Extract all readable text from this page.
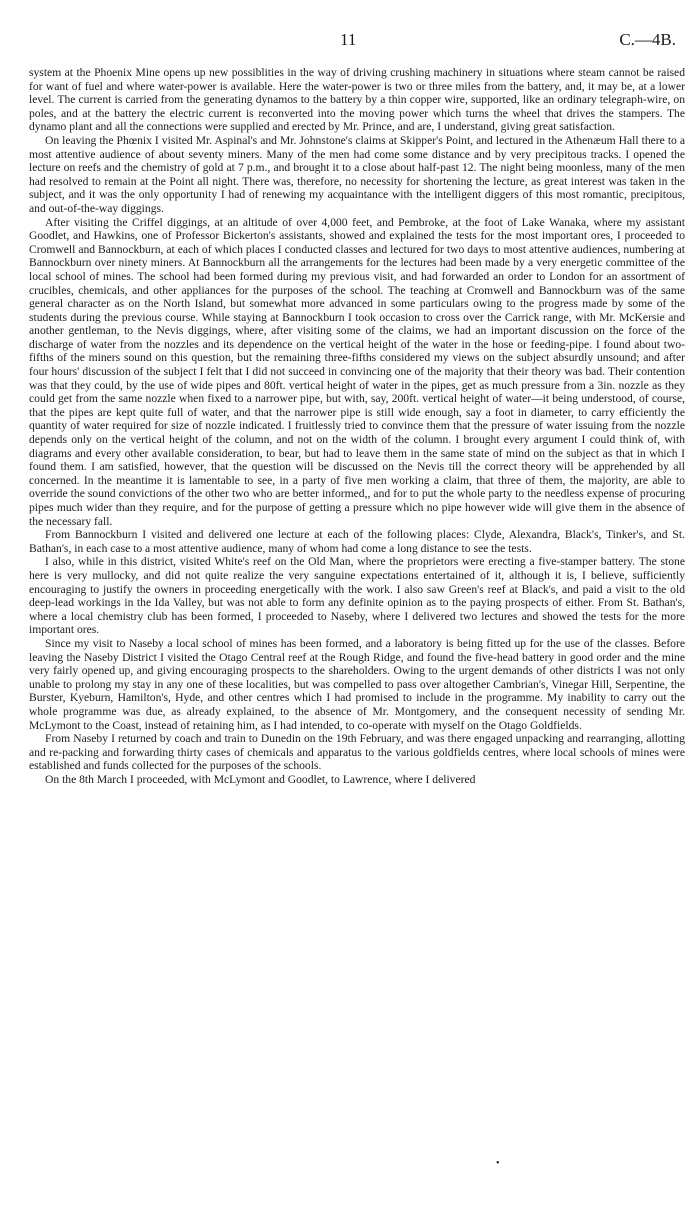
11	C.—4B.

system at the Phoenix Mine opens up new possiblities in the way of driving crushing machinery in situations where steam cannot be raised for want of fuel and where water-power is available. Here the water-power is two or three miles from the battery, and, it may be, at a lower level. The current is carried from the generating dynamos to the battery by a thin copper wire, supported, like an ordinary telegraph-wire, on poles, and at the battery the electric current is reconverted into the moving power which turns the wheel that drives the stampers. The dynamo plant and all the connections were supplied and erected by Mr. Prince, and are, I understand, giving great satisfaction.

On leaving the Phœnix I visited Mr. Aspinal's and Mr. Johnstone's claims at Skipper's Point, and lectured in the Athenæum Hall there to a most attentive audience of about seventy miners. Many of the men had come some distance and by very precipitous tracks. I opened the lecture on reefs and the chemistry of gold at 7 p.m., and brought it to a close about half-past 12. The night being moonless, many of the men had resolved to remain at the Point all night. There was, therefore, no necessity for shortening the lecture, as great interest was taken in the subject, and it was the only opportunity I had of renewing my acquaintance with the intelligent diggers of this most romantic, precipitous, and out-of-the-way diggings.

After visiting the Criffel diggings, at an altitude of over 4,000 feet, and Pembroke, at the foot of Lake Wanaka, where my assistant Goodlet, and Hawkins, one of Professor Bickerton's assistants, showed and explained the tests for the most important ores, I proceeded to Cromwell and Bannockburn, at each of which places I conducted classes and lectured for two days to most attentive audiences, numbering at Bannockburn over ninety miners. At Bannockburn all the arrangements for the lectures had been made by a very energetic committee of the local school of mines. The school had been formed during my previous visit, and had forwarded an order to London for an assortment of crucibles, chemicals, and other appliances for the purposes of the school. The teaching at Cromwell and Bannockburn was of the same general character as on the North Island, but somewhat more advanced in some particulars owing to the progress made by some of the students during the previous course. While staying at Bannockburn I took occasion to cross over the Carrick range, with Mr. McKersie and another gentleman, to the Nevis diggings, where, after visiting some of the claims, we had an important discussion on the force of the discharge of water from the nozzles and its dependence on the vertical height of the water in the hose or feeding-pipe. I found about two-fifths of the miners sound on this question, but the remaining three-fifths considered my views on the subject absurdly unsound; and after four hours' discussion of the subject I felt that I did not succeed in convincing one of the majority that their theory was bad. Their contention was that they could, by the use of wide pipes and 80ft. vertical height of water in the pipes, get as much pressure from a 3in. nozzle as they could get from the same nozzle when fixed to a narrower pipe, but with, say, 200ft. vertical height of water—it being understood, of course, that the pipes are kept quite full of water, and that the narrower pipe is still wide enough, say a foot in diameter, to carry efficiently the quantity of water required for size of nozzle indicated. I fruitlessly tried to convince them that the pressure of water issuing from the nozzle depends only on the vertical height of the column, and not on the width of the column. I brought every argument I could think of, with diagrams and every other available consideration, to bear, but had to leave them in the same state of mind on the subject as that in which I found them. I am satisfied, however, that the question will be discussed on the Nevis till the correct theory will be apprehended by all concerned. In the meantime it is lamentable to see, in a party of five men working a claim, that three of them, the majority, are able to override the sound convictions of the other two who are better informed,, and for to put the whole party to the needless expense of procuring pipes much wider than they require, and for the purpose of getting a pressure which no pipe however wide will give them in the absence of the necessary fall.

From Bannockburn I visited and delivered one lecture at each of the following places: Clyde, Alexandra, Black's, Tinker's, and St. Bathan's, in each case to a most attentive audience, many of whom had come a long distance to see the tests.

I also, while in this district, visited White's reef on the Old Man, where the proprietors were erecting a five-stamper battery. The stone here is very mullocky, and did not quite realize the very sanguine expectations entertained of it, although it is, I believe, sufficiently encouraging to justify the owners in proceeding energetically with the work. I also saw Green's reef at Black's, and paid a visit to the old deep-lead workings in the Ida Valley, but was not able to form any definite opinion as to the paying prospects of either. From St. Bathan's, where a local chemistry club has been formed, I proceeded to Naseby, where I delivered two lectures and showed the tests for the more important ores.

Since my visit to Naseby a local school of mines has been formed, and a laboratory is being fitted up for the use of the classes. Before leaving the Naseby District I visited the Otago Central reef at the Rough Ridge, and found the five-head battery in good order and the mine very fairly opened up, and giving encouraging prospects to the shareholders. Owing to the urgent demands of other districts I was not only unable to prolong my stay in any one of these localities, but was compelled to pass over altogether Cambrian's, Vinegar Hill, Serpentine, the Burster, Kyeburn, Hamilton's, Hyde, and other centres which I had promised to include in the programme. My inability to carry out the whole programme was due, as already explained, to the absence of Mr. Montgomery, and the consequent necessity of sending Mr. McLymont to the Coast, instead of retaining him, as I had intended, to co-operate with myself on the Otago Goldfields.

From Naseby I returned by coach and train to Dunedin on the 19th February, and was there engaged unpacking and rearranging, allotting and re-packing and forwarding thirty cases of chemicals and apparatus to the various goldfields centres, where local schools of mines were established and funds collected for the purposes of the schools.

On the 8th March I proceeded, with McLymont and Goodlet, to Lawrence, where I delivered

•
